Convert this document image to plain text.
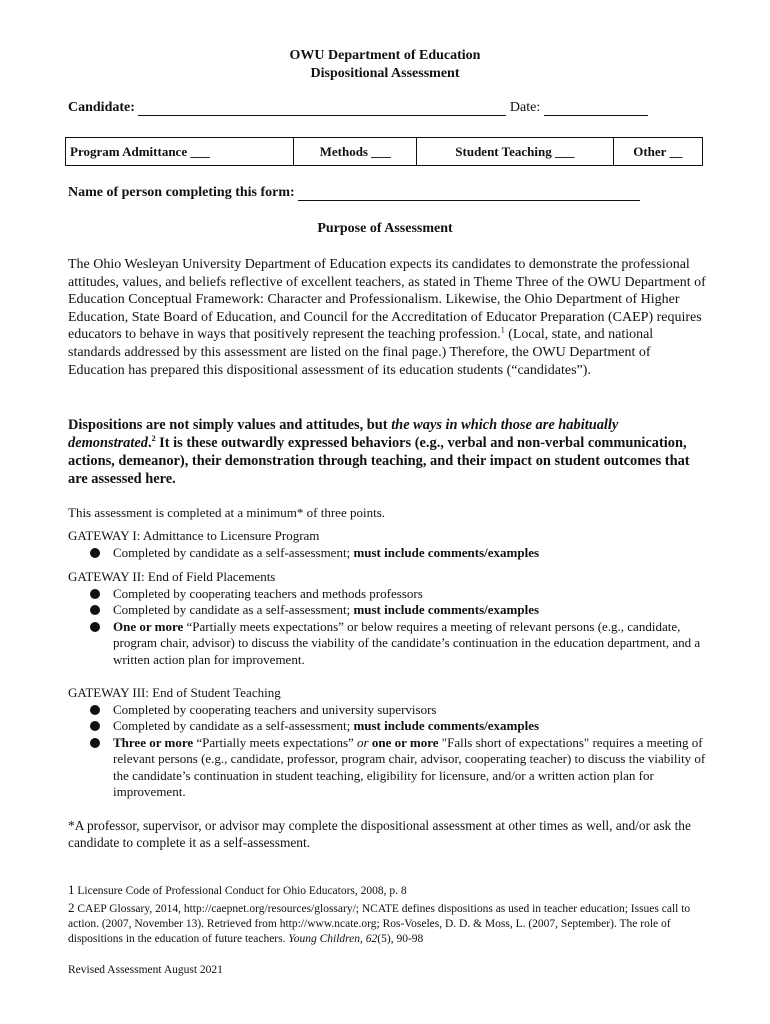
OWU Department of Education
Dispositional Assessment
Candidate:	Date:
Program Admittance ___	Methods ___	Student Teaching ___	Other __
Name of person completing this form:
Purpose of Assessment
The Ohio Wesleyan University Department of Education expects its candidates to demonstrate the professional attitudes, values, and beliefs reflective of excellent teachers, as stated in Theme Three of the OWU Department of Education Conceptual Framework: Character and Professionalism. Likewise, the Ohio Department of Higher Education, State Board of Education, and Council for the Accreditation of Educator Preparation (CAEP) requires educators to behave in ways that positively represent the teaching profession.$^1$ (Local, state, and national standards addressed by this assessment are listed on the final page.) Therefore, the OWU Department of Education has prepared this dispositional assessment of its education students (“candidates”).
Dispositions are not simply values and attitudes, but the ways in which those are habitually demonstrated.$^2$ It is these outwardly expressed behaviors (e.g., verbal and non-verbal communication, actions, demeanor), their demonstration through teaching, and their impact on student outcomes that are assessed here.
This assessment is completed at a minimum* of three points.
GATEWAY I: Admittance to Licensure Program
Completed by candidate as a self-assessment; must include comments/examples
GATEWAY II: End of Field Placements
Completed by cooperating teachers and methods professors
Completed by candidate as a self-assessment; must include comments/examples
One or more “Partially meets expectations” or below requires a meeting of relevant persons (e.g., candidate, program chair, advisor) to discuss the viability of the candidate’s continuation in the education department, and a written action plan for improvement.
GATEWAY III: End of Student Teaching
Completed by cooperating teachers and university supervisors
Completed by candidate as a self-assessment; must include comments/examples
Three or more “Partially meets expectations” or one or more "Falls short of expectations" requires a meeting of relevant persons (e.g., candidate, professor, program chair, advisor, cooperating teacher) to discuss the viability of the candidate’s continuation in student teaching, eligibility for licensure, and/or a written action plan for improvement.
*A professor, supervisor, or advisor may complete the dispositional assessment at other times as well, and/or ask the candidate to complete it as a self-assessment.
1 Licensure Code of Professional Conduct for Ohio Educators, 2008, p. 8
2 CAEP Glossary, 2014, http://caepnet.org/resources/glossary/; NCATE defines dispositions as used in teacher education; Issues call to action. (2007, November 13). Retrieved from http://www.ncate.org; Ros-Voseles, D. D. & Moss, L. (2007, September). The role of dispositions in the education of future teachers. Young Children, 62(5), 90-98
Revised Assessment August 2021
